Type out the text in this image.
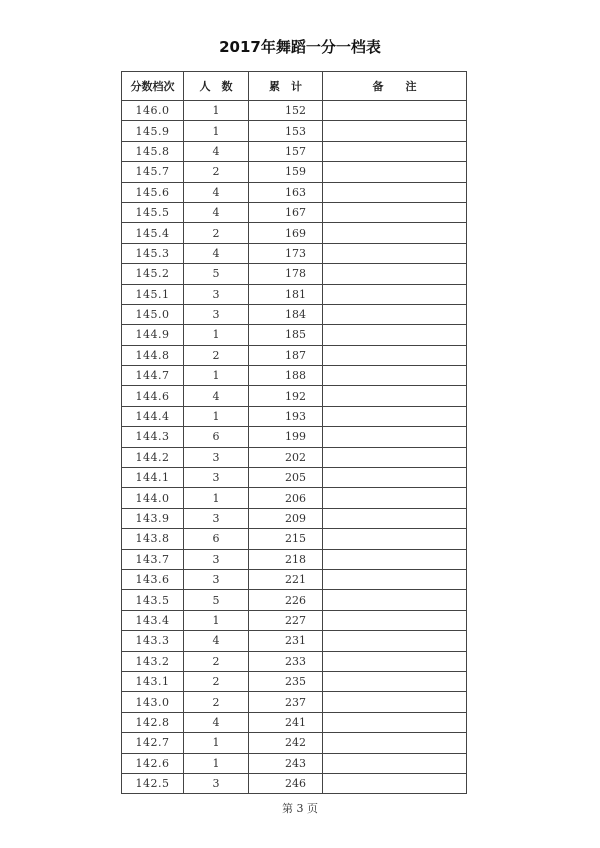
2017年舞蹈一分一档表
分数档次	人　数	累　计	备　　注
146.0	1	152	
145.9	1	153	
145.8	4	157	
145.7	2	159	
145.6	4	163	
145.5	4	167	
145.4	2	169	
145.3	4	173	
145.2	5	178	
145.1	3	181	
145.0	3	184	
144.9	1	185	
144.8	2	187	
144.7	1	188	
144.6	4	192	
144.4	1	193	
144.3	6	199	
144.2	3	202	
144.1	3	205	
144.0	1	206	
143.9	3	209	
143.8	6	215	
143.7	3	218	
143.6	3	221	
143.5	5	226	
143.4	1	227	
143.3	4	231	
143.2	2	233	
143.1	2	235	
143.0	2	237	
142.8	4	241	
142.7	1	242	
142.6	1	243	
142.5	3	246	
第 3 页
